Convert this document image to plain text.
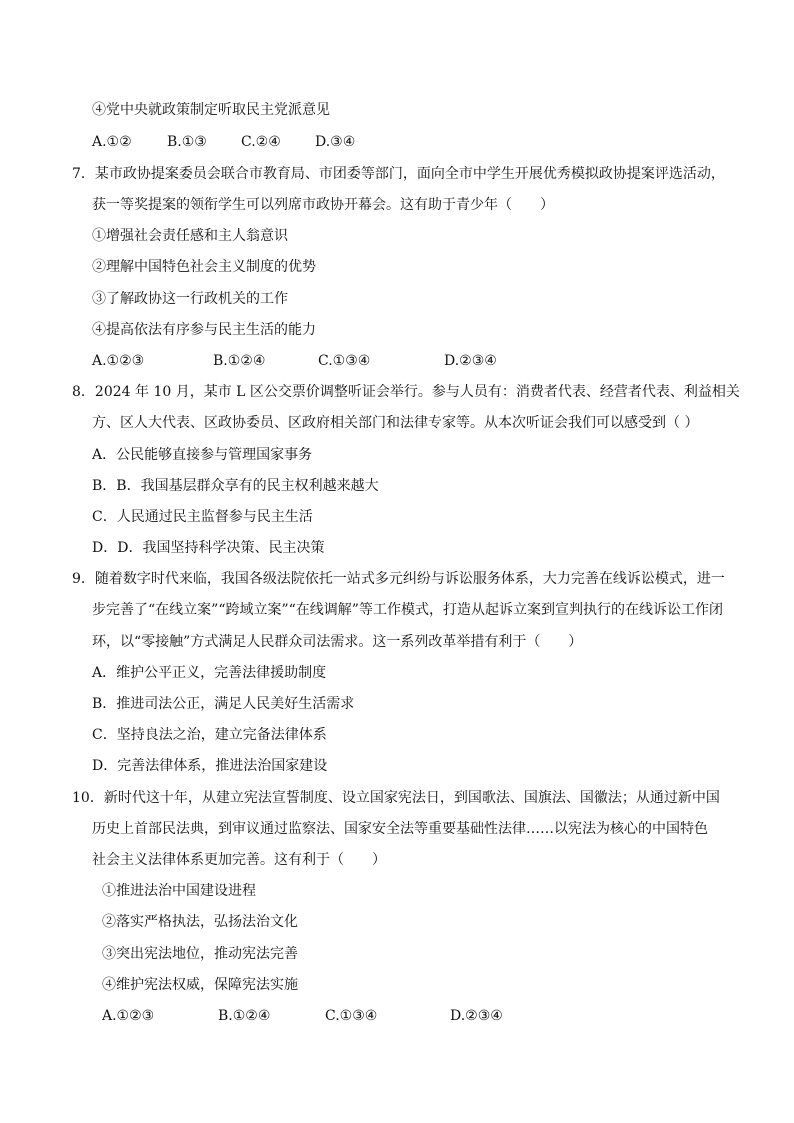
④党中央就政策制定听取民主党派意见
A.①②	B.①③ C.②④ D.③④
7．某市政协提案委员会联合市教育局、市团委等部门，面向全市中学生开展优秀模拟政协提案评选活动，
获一等奖提案的领衔学生可以列席市政协开幕会。这有助于青少年（　　）
①增强社会责任感和主人翁意识
②理解中国特色社会主义制度的优势
③了解政协这一行政机关的工作
④提高依法有序参与民主生活的能力
A.①②③	B.①②④	C.①③④	D.②③④
8．2024 年 10 月，某市 L 区公交票价调整听证会举行。参与人员有：消费者代表、经营者代表、利益相关
方、区人大代表、区政协委员、区政府相关部门和法律专家等。从本次听证会我们可以感受到（ ）
A．公民能够直接参与管理国家事务
B．B．我国基层群众享有的民主权利越来越大
C．人民通过民主监督参与民主生活
D．D．我国坚持科学决策、民主决策
9．随着数字时代来临，我国各级法院依托一站式多元纠纷与诉讼服务体系，大力完善在线诉讼模式，进一
步完善了“在线立案”“跨域立案”“在线调解”等工作模式，打造从起诉立案到宣判执行的在线诉讼工作闭
环，以“零接触”方式满足人民群众司法需求。这一系列改革举措有利于（　　）
A．维护公平正义，完善法律援助制度
B．推进司法公正，满足人民美好生活需求
C．坚持良法之治，建立完备法律体系
D．完善法律体系，推进法治国家建设
10．新时代这十年，从建立宪法宣誓制度、设立国家宪法日，到国歌法、国旗法、国徽法；从通过新中国
历史上首部民法典，到审议通过监察法、国家安全法等重要基础性法律……以宪法为核心的中国特色
社会主义法律体系更加完善。这有利于（　　）
①推进法治中国建设进程
②落实严格执法，弘扬法治文化
③突出宪法地位，推动宪法完善
④维护宪法权威，保障宪法实施
A.①②③	B.①②④	C.①③④	D.②③④
